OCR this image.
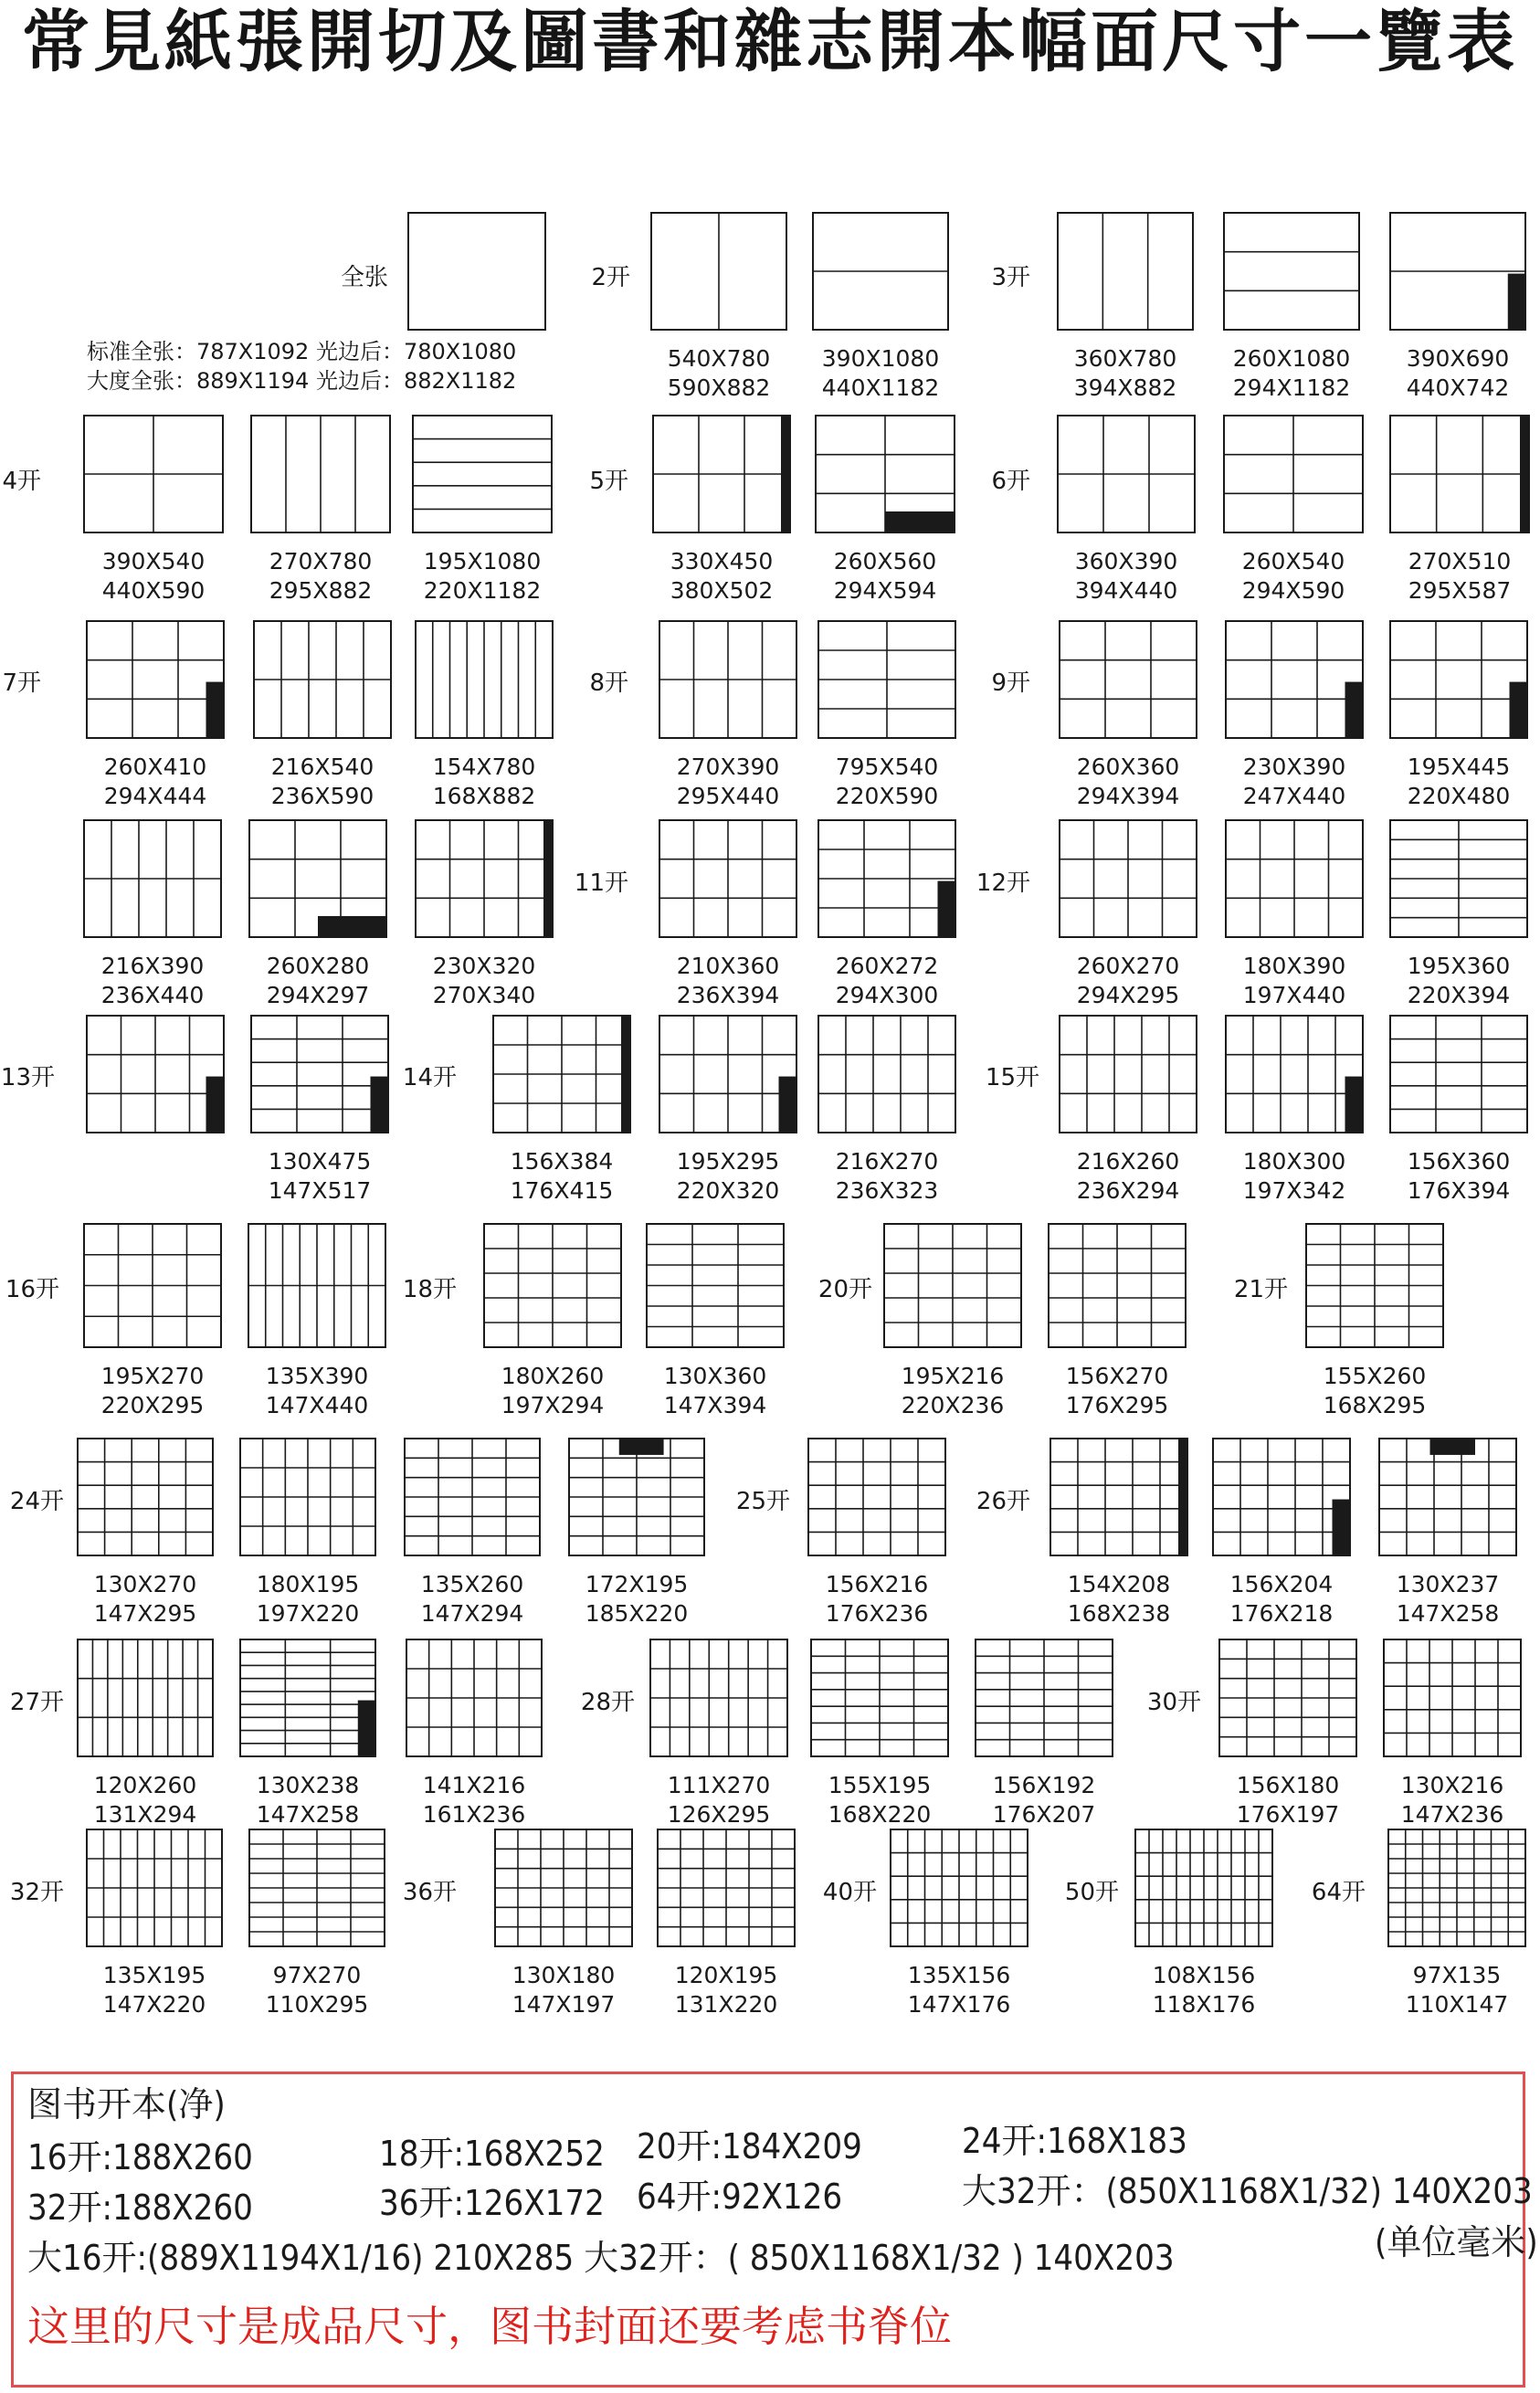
常見紙張開切及圖書和雜志開本幅面尺寸一覽表
全张
标准全张：787X1092 光边后：780X1080
大度全张：889X1194 光边后：882X1182
2开
540X780
590X882
390X1080
440X1182
3开
360X780
394X882
260X1080
294X1182
390X690
440X742
4开
390X540
440X590
270X780
295X882
195X1080
220X1182
5开
330X450
380X502
260X560
294X594
6开
360X390
394X440
260X540
294X590
270X510
295X587
7开
260X410
294X444
216X540
236X590
154X780
168X882
8开
270X390
295X440
795X540
220X590
9开
260X360
294X394
230X390
247X440
195X445
220X480
216X390
236X440
260X280
294X297
230X320
270X340
11开
210X360
236X394
260X272
294X300
12开
260X270
294X295
180X390
197X440
195X360
220X394
13开
130X475
147X517
14开
156X384
176X415
195X295
220X320
216X270
236X323
15开
216X260
236X294
180X300
197X342
156X360
176X394
16开
195X270
220X295
135X390
147X440
18开
180X260
197X294
130X360
147X394
20开
195X216
220X236
156X270
176X295
21开
155X260
168X295
24开
130X270
147X295
180X195
197X220
135X260
147X294
172X195
185X220
25开
156X216
176X236
26开
154X208
168X238
156X204
176X218
130X237
147X258
27开
120X260
131X294
130X238
147X258
141X216
161X236
28开
111X270
126X295
155X195
168X220
156X192
176X207
30开
156X180
176X197
130X216
147X236
32开
135X195
147X220
97X270
110X295
36开
130X180
147X197
120X195
131X220
40开
135X156
147X176
50开
108X156
118X176
64开
97X135
110X147
图书开本(净)
16开:188X260	18开:168X252 20开:184X209	24开:168X183
32开:188X260	36开:126X172 64开:92X126	大32开：(850X1168X1/32) 140X203
大16开:(889X1194X1/16) 210X285 大32开：( 850X1168X1/32 ) 140X203	(单位毫米)
这里的尺寸是成品尺寸，图书封面还要考虑书脊位
